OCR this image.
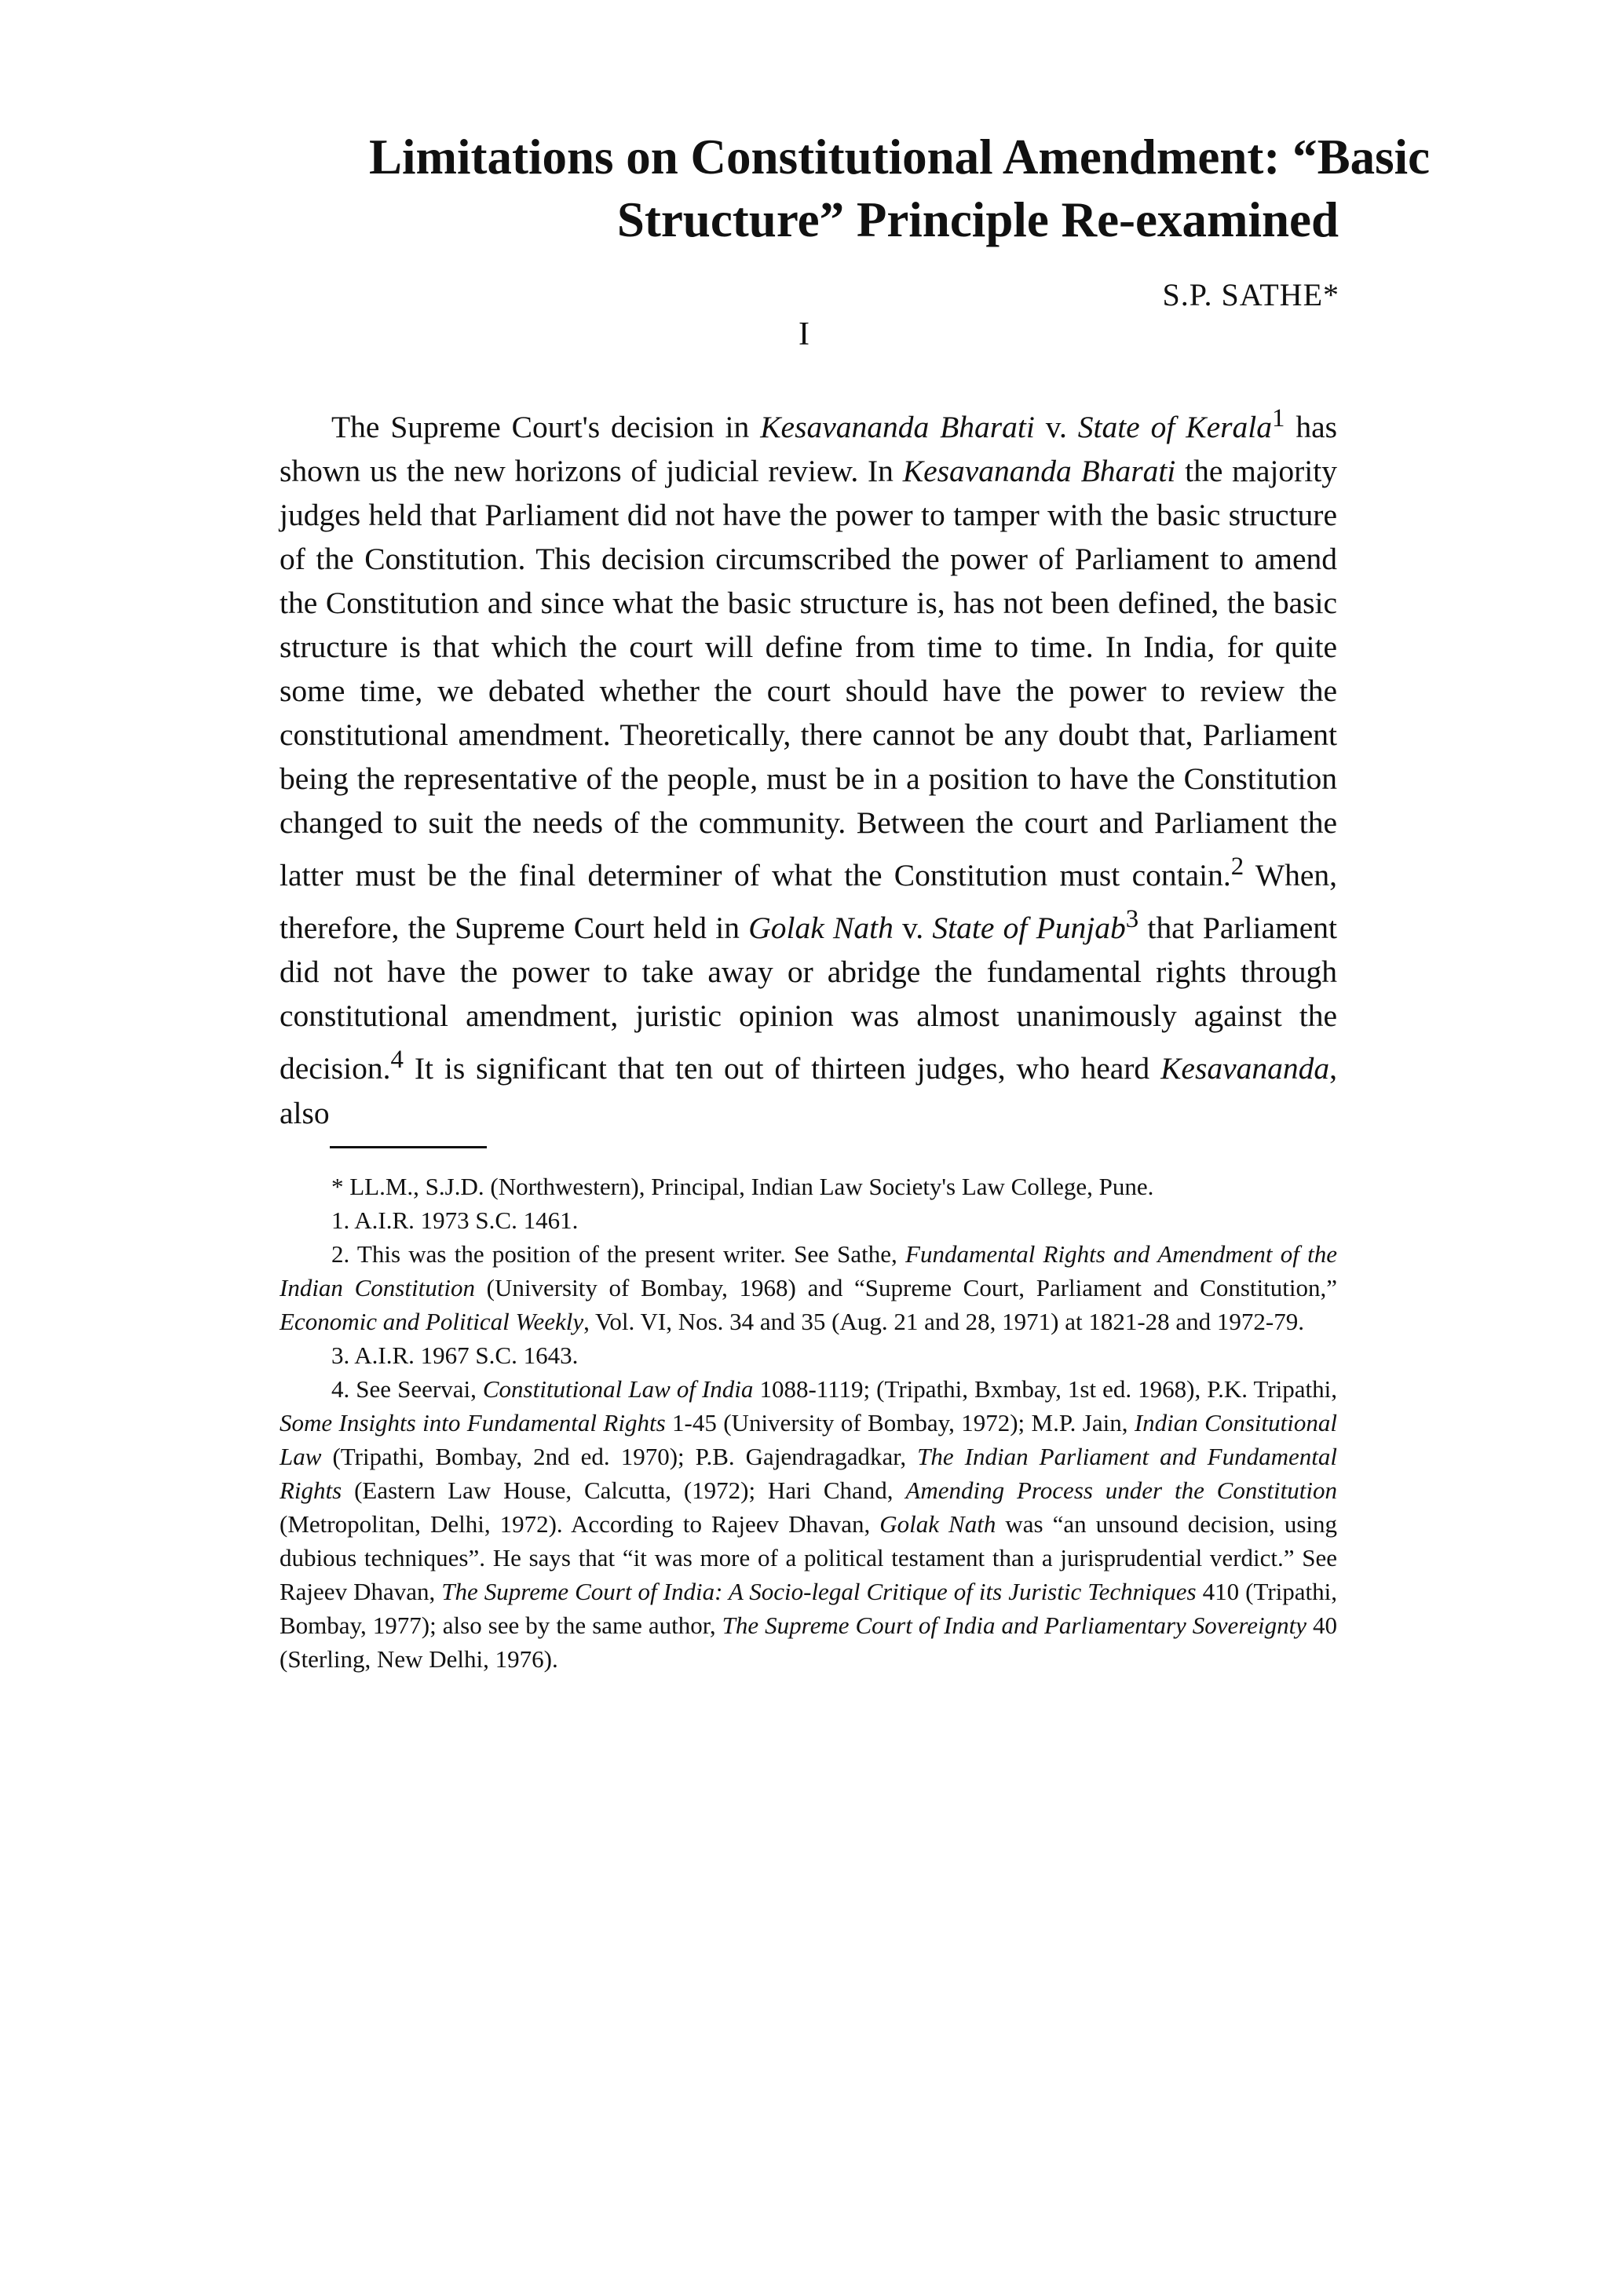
Limitations on Constitutional Amendment: “Basic
Structure” Principle Re-examined
S.P. SATHE*
I

The Supreme Court's decision in Kesavananda Bharati v. State of Kerala$^1$ has shown us the new horizons of judicial review. In Kesavananda Bharati the majority judges held that Parliament did not have the power to tamper with the basic structure of the Constitution. This decision circumscribed the power of Parliament to amend the Constitution and since what the basic structure is, has not been defined, the basic structure is that which the court will define from time to time. In India, for quite some time, we debated whether the court should have the power to review the constitutional amendment. Theoretically, there cannot be any doubt that, Parliament being the representative of the people, must be in a position to have the Constitution changed to suit the needs of the community. Between the court and Parliament the latter must be the final determiner of what the Constitution must contain.$^2$ When, therefore, the Supreme Court held in Golak Nath v. State of Punjab$^3$ that Parliament did not have the power to take away or abridge the fundamental rights through constitutional amendment, juristic opinion was almost unanimously against the decision.$^4$ It is significant that ten out of thirteen judges, who heard Kesavananda, also

* LL.M., S.J.D. (Northwestern), Principal, Indian Law Society's Law College, Pune.

1. A.I.R. 1973 S.C. 1461.

2. This was the position of the present writer. See Sathe, Fundamental Rights and Amendment of the Indian Constitution (University of Bombay, 1968) and “Supreme Court, Parliament and Constitution,” Economic and Political Weekly, Vol. VI, Nos. 34 and 35 (Aug. 21 and 28, 1971) at 1821-28 and 1972-79.

3. A.I.R. 1967 S.C. 1643.

4. See Seervai, Constitutional Law of India 1088-1119; (Tripathi, Bxmbay, 1st ed. 1968), P.K. Tripathi, Some Insights into Fundamental Rights 1-45 (University of Bombay, 1972); M.P. Jain, Indian Consitutional Law (Tripathi, Bombay, 2nd ed. 1970); P.B. Gajendragadkar, The Indian Parliament and Fundamental Rights (Eastern Law House, Calcutta, (1972); Hari Chand, Amending Process under the Constitution (Metropolitan, Delhi, 1972). According to Rajeev Dhavan, Golak Nath was “an unsound decision, using dubious techniques”. He says that “it was more of a political testament than a jurisprudential verdict.” See Rajeev Dhavan, The Supreme Court of India: A Socio-legal Critique of its Juristic Techniques 410 (Tripathi, Bombay, 1977); also see by the same author, The Supreme Court of India and Parliamentary Sovereignty 40 (Sterling, New Delhi, 1976).
